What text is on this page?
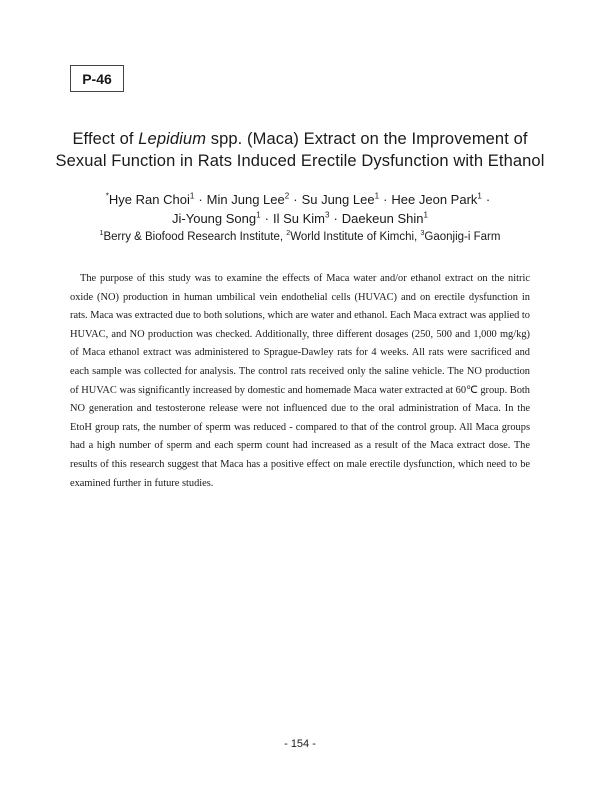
P-46
Effect of Lepidium spp. (Maca) Extract on the Improvement of
Sexual Function in Rats Induced Erectile Dysfunction with Ethanol
*Hye Ran Choi$^1$ · Min Jung Lee$^2$ · Su Jung Lee$^1$ · Hee Jeon Park$^1$ ·
Ji-Young Song$^1$ · Il Su Kim$^3$ · Daekeun Shin$^1$
$^1$Berry & Biofood Research Institute, $^2$World Institute of Kimchi, $^3$Gaonjig-i Farm

The purpose of this study was to examine the effects of Maca water and/or ethanol extract on the nitric oxide (NO) production in human umbilical vein endothelial cells (HUVAC) and on erectile dysfunction in rats. Maca was extracted due to both solutions, which are water and ethanol. Each Maca extract was applied to HUVAC, and NO production was checked. Additionally, three different dosages (250, 500 and 1,000 mg/kg) of Maca ethanol extract was administered to Sprague-Dawley rats for 4 weeks. All rats were sacrificed and each sample was collected for analysis. The control rats received only the saline vehicle. The NO production of HUVAC was significantly increased by domestic and homemade Maca water extracted at 60℃ group. Both NO generation and testosterone release were not influenced due to the oral administration of Maca. In the EtoH group rats, the number of sperm was reduced - compared to that of the control group. All Maca groups had a high number of sperm and each sperm count had increased as a result of the Maca extract dose. The results of this research suggest that Maca has a positive effect on male erectile dysfunction, which need to be examined further in future studies.

- 154 -
